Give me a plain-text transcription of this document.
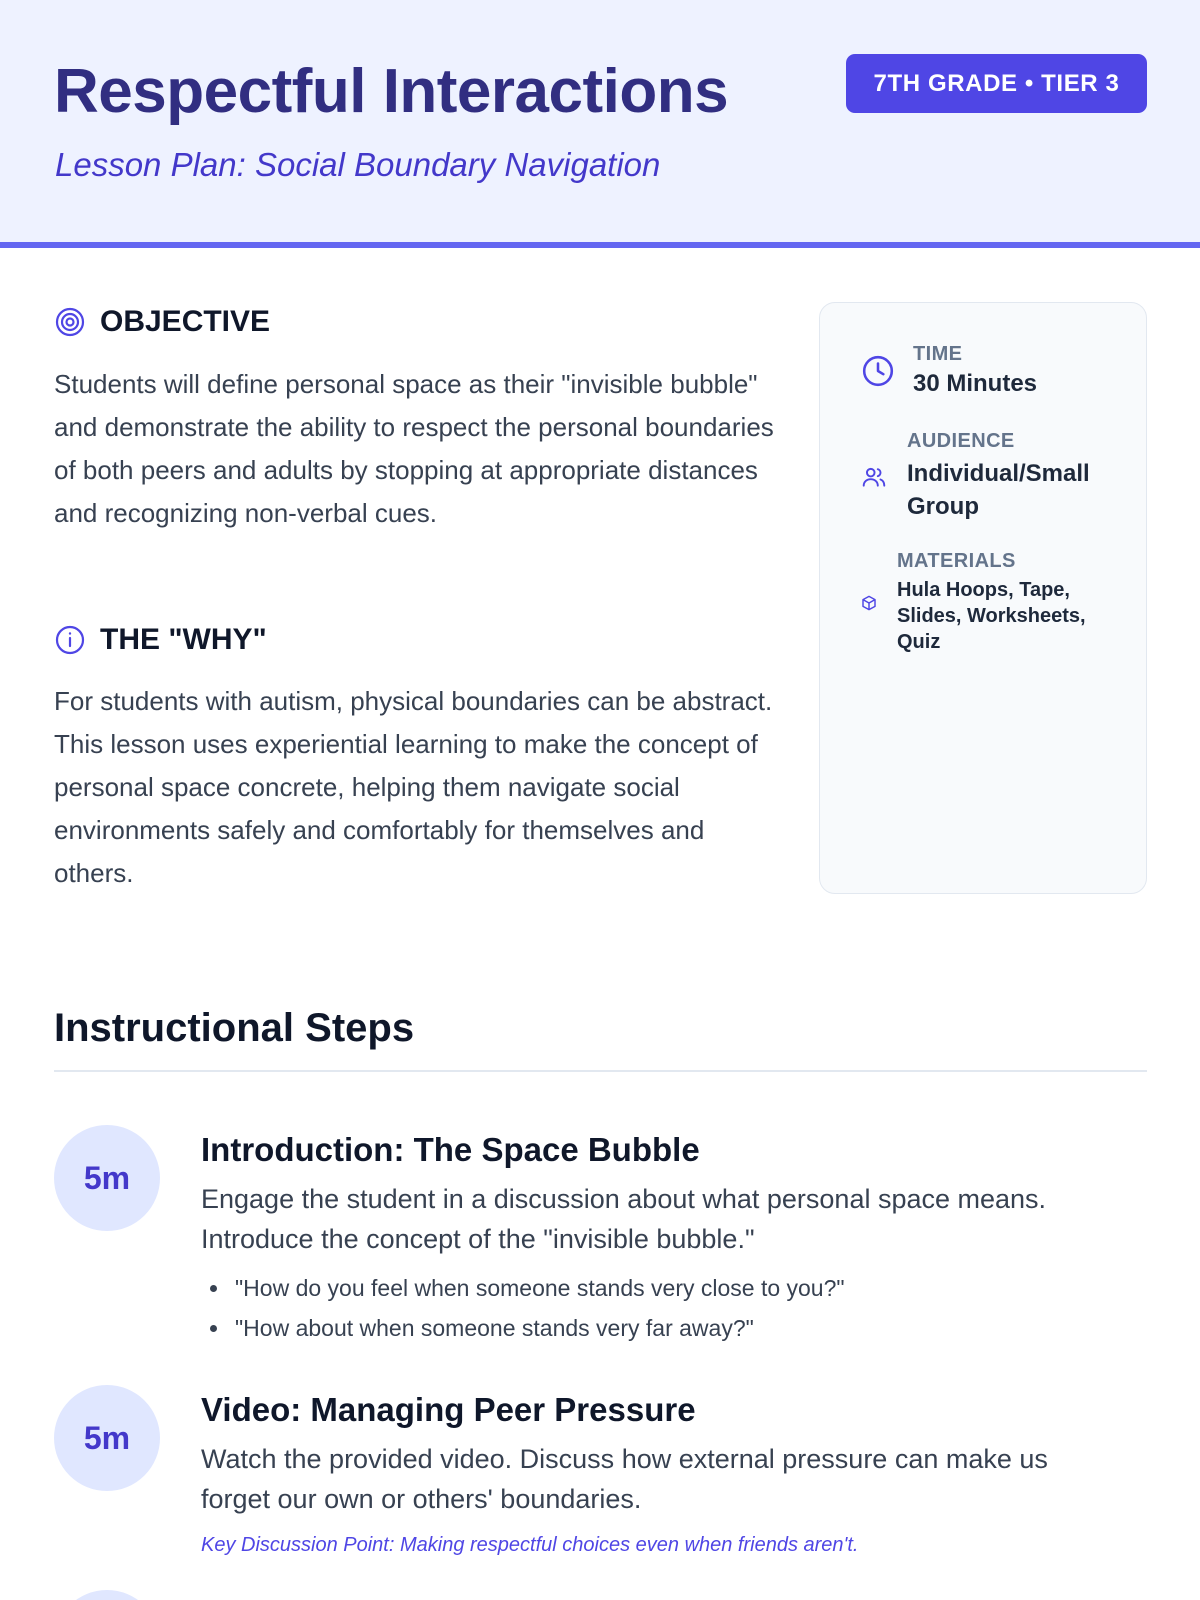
Respectful Interactions
Lesson Plan: Social Boundary Navigation
7TH GRADE • TIER 3
OBJECTIVE

Students will define personal space as their "invisible bubble" and demonstrate the ability to respect the personal boundaries of both peers and adults by stopping at appropriate distances and recognizing non-verbal cues.

THE "WHY"

For students with autism, physical boundaries can be abstract. This lesson uses experiential learning to make the concept of personal space concrete, helping them navigate social environments safely and comfortably for themselves and others.

TIME
30 Minutes
AUDIENCE
Individual/Small Group
MATERIALS
Hula Hoops, Tape, Slides, Worksheets, Quiz
Instructional Steps
5m
Introduction: The Space Bubble

Engage the student in a discussion about what personal space means. Introduce the concept of the "invisible bubble."

"How do you feel when someone stands very close to you?"
"How about when someone stands very far away?"
5m
Video: Managing Peer Pressure

Watch the provided video. Discuss how external pressure can make us forget our own or others' boundaries.

Key Discussion Point: Making respectful choices even when friends aren't.
